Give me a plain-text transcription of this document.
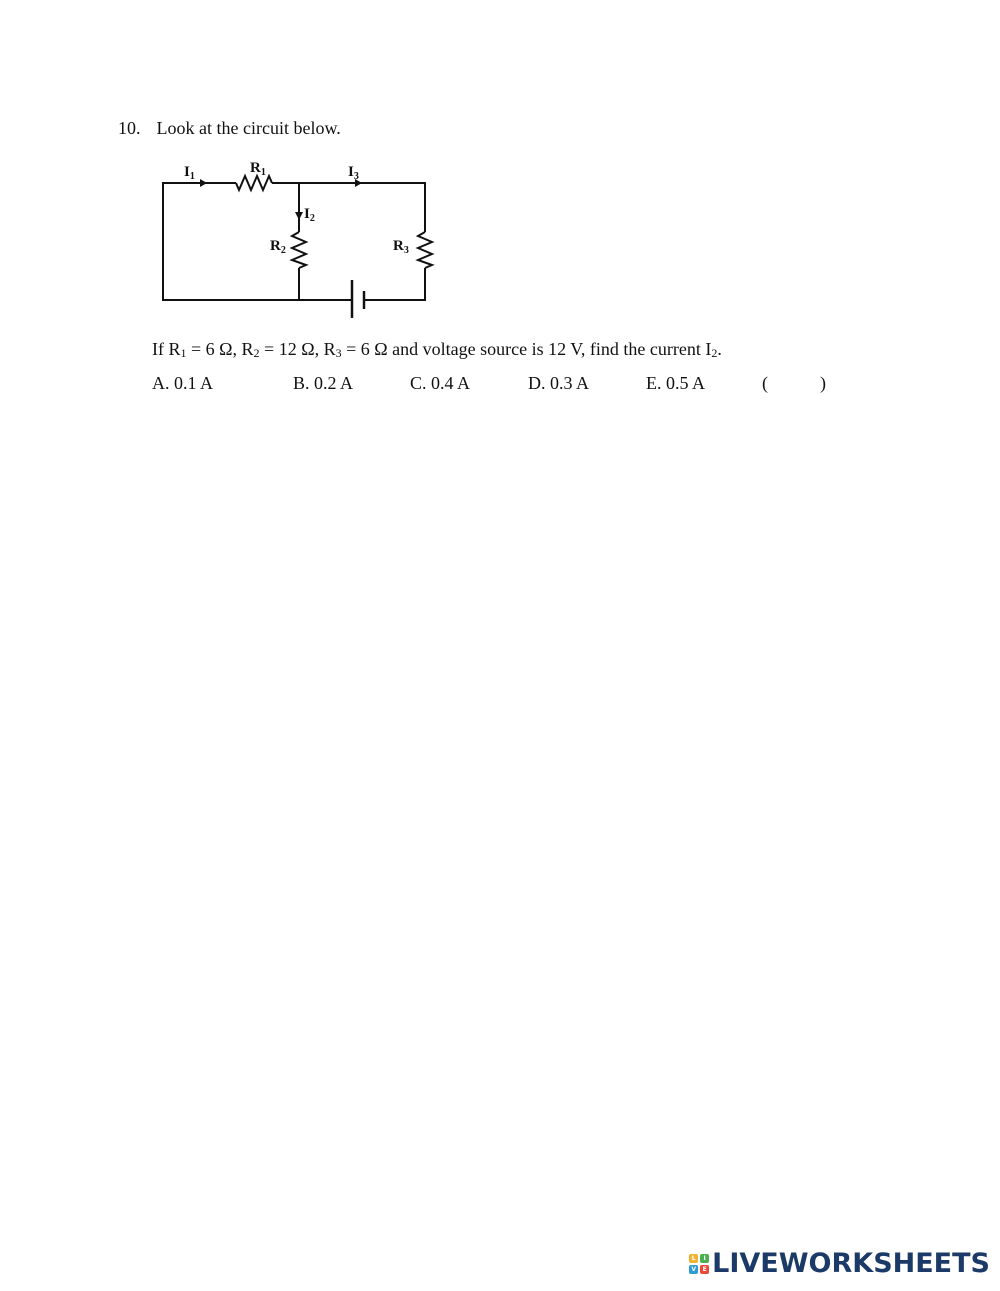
10. Look at the circuit below.
$I_1$
$R_1$	$I_3$
$I_2$
$R_2$	$R_3$
If $R_1 = 6$ Ω, $R_2 = 12$ Ω, $R_3 = 6$ Ω and voltage source is 12 V, find the current $I_2$.
A. 0.1 A	B. 0.2 A	C. 0.4 A	D. 0.3 A	E. 0.5 A	(	)
L	I
V	E LIVEWORKSHEETS
